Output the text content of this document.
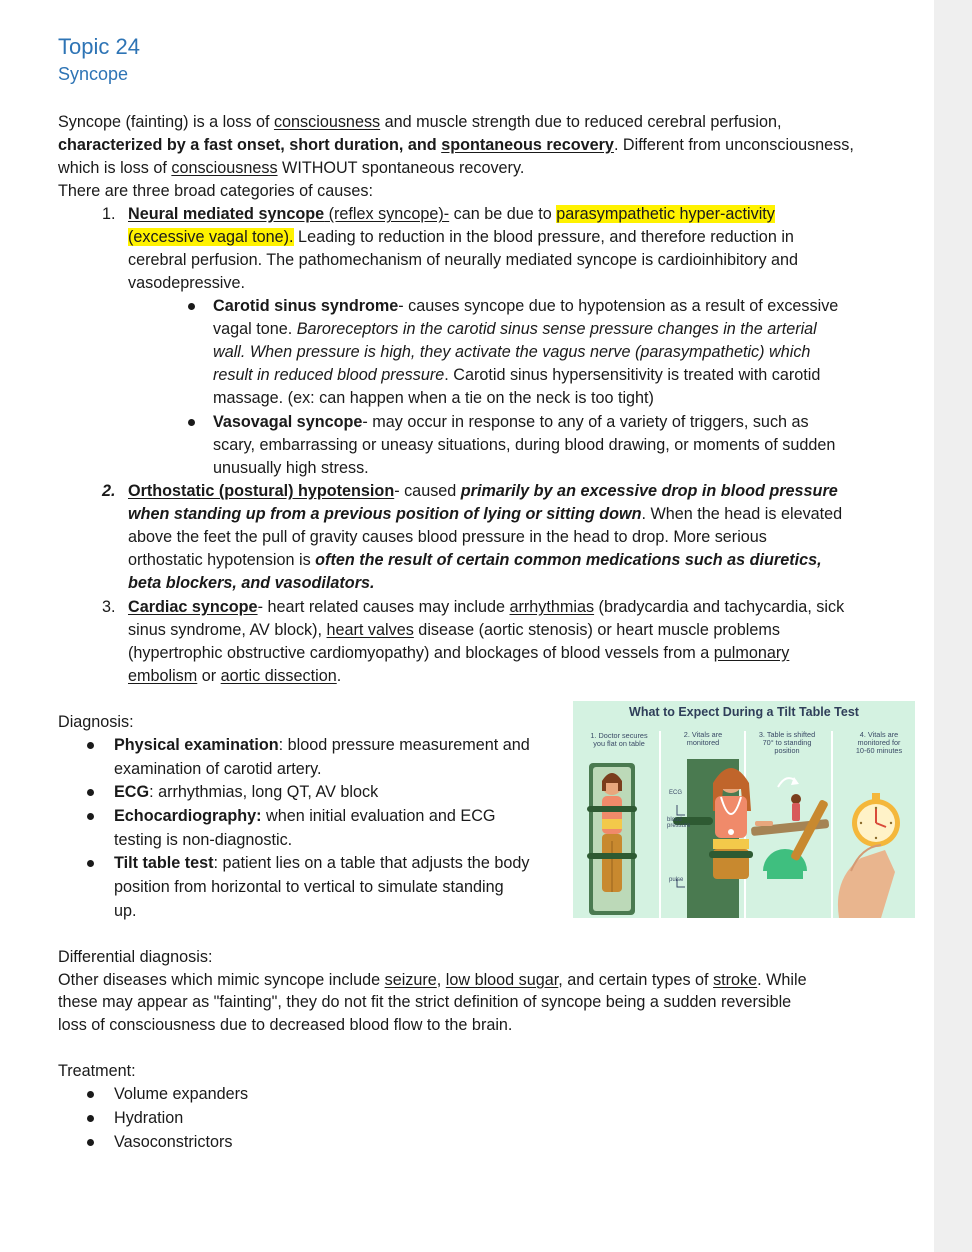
Topic 24
Syncope
Syncope (fainting) is a loss of consciousness and muscle strength due to reduced cerebral perfusion,
characterized by a fast onset, short duration, and spontaneous recovery. Different from unconsciousness,
which is loss of consciousness WITHOUT spontaneous recovery.
There are three broad categories of causes:
1. Neural mediated syncope (reflex syncope)- can be due to parasympathetic hyper-activity
(excessive vagal tone). Leading to reduction in the blood pressure, and therefore reduction in
cerebral perfusion. The pathomechanism of neurally mediated syncope is cardioinhibitory and
vasodepressive.
Carotid sinus syndrome- causes syncope due to hypotension as a result of excessive
vagal tone. Baroreceptors in the carotid sinus sense pressure changes in the arterial
wall. When pressure is high, they activate the vagus nerve (parasympathetic) which
result in reduced blood pressure. Carotid sinus hypersensitivity is treated with carotid
massage. (ex: can happen when a tie on the neck is too tight)
Vasovagal syncope- may occur in response to any of a variety of triggers, such as
scary, embarrassing or uneasy situations, during blood drawing, or moments of sudden
unusually high stress.
2. Orthostatic (postural) hypotension- caused primarily by an excessive drop in blood pressure
when standing up from a previous position of lying or sitting down. When the head is elevated
above the feet the pull of gravity causes blood pressure in the head to drop. More serious
orthostatic hypotension is often the result of certain common medications such as diuretics,
beta blockers, and vasodilators.
3. Cardiac syncope- heart related causes may include arrhythmias (bradycardia and tachycardia, sick
sinus syndrome, AV block), heart valves disease (aortic stenosis) or heart muscle problems
(hypertrophic obstructive cardiomyopathy) and blockages of blood vessels from a pulmonary
embolism or aortic dissection.
Diagnosis:
Physical examination: blood pressure measurement and
examination of carotid artery.
ECG: arrhythmias, long QT, AV block
Echocardiography: when initial evaluation and ECG
testing is non-diagnostic.
Tilt table test: patient lies on a table that adjusts the body
position from horizontal to vertical to simulate standing
up.
What to Expect During a Tilt Table Test
1. Doctor secures
you flat on table
2. Vitals are
monitored
3. Table is shifted
70° to standing
position
4. Vitals are
monitored for
10-60 minutes
ECG
blood
pressure
pulse
Differential diagnosis:
Other diseases which mimic syncope include seizure, low blood sugar, and certain types of stroke. While
these may appear as "fainting", they do not fit the strict definition of syncope being a sudden reversible
loss of consciousness due to decreased blood flow to the brain.
Treatment:
Volume expanders
Hydration
Vasoconstrictors
